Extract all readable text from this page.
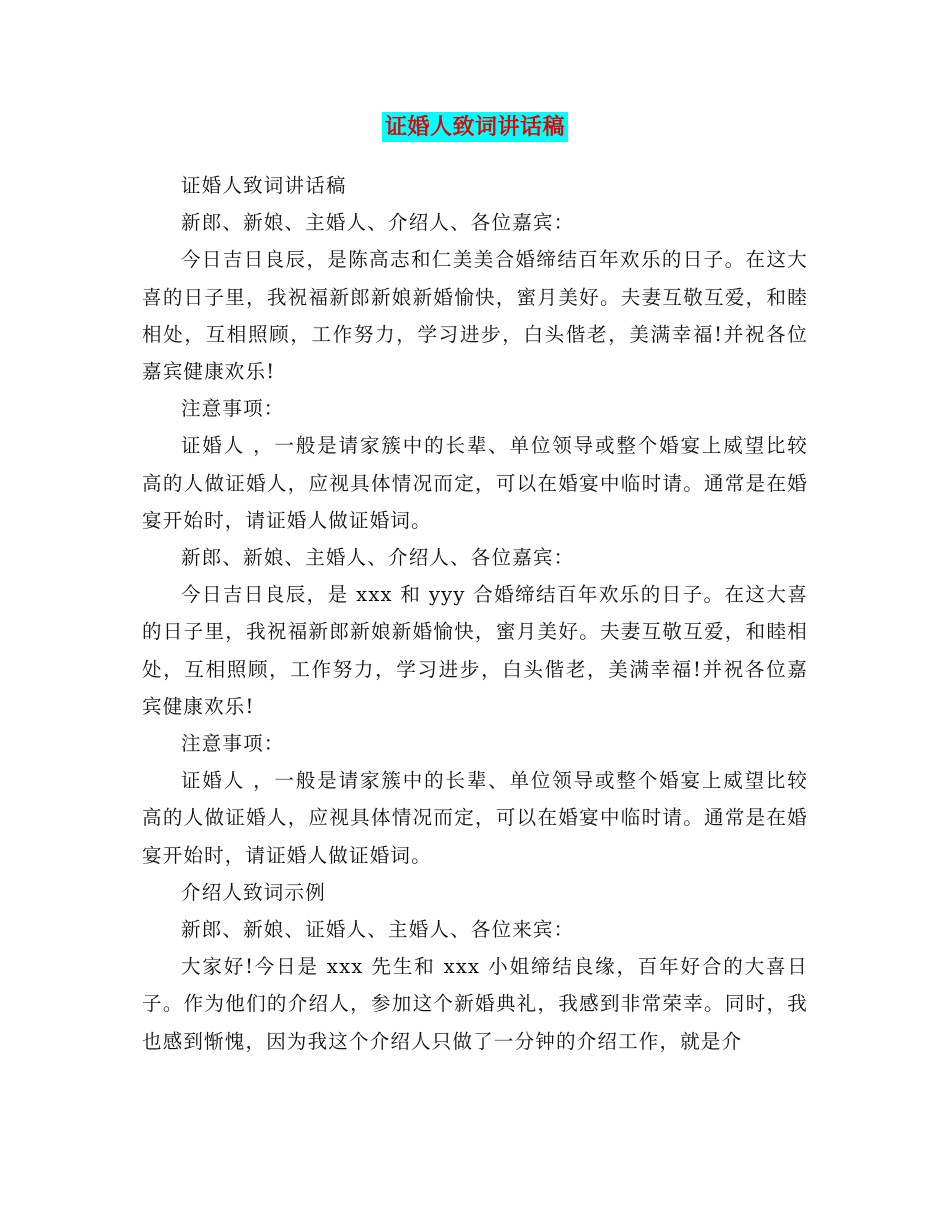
证婚人致词讲话稿

证婚人致词讲话稿

新郎、新娘、主婚人、介绍人、各位嘉宾：

今日吉日良辰，是陈高志和仁美美合婚缔结百年欢乐的日子。在这大喜的日子里，我祝福新郎新娘新婚愉快，蜜月美好。夫妻互敬互爱，和睦相处，互相照顾，工作努力，学习进步，白头偕老，美满幸福!并祝各位嘉宾健康欢乐!

注意事项：

证婚人 ，一般是请家簇中的长辈、单位领导或整个婚宴上威望比较高的人做证婚人，应视具体情况而定，可以在婚宴中临时请。通常是在婚宴开始时，请证婚人做证婚词。

新郎、新娘、主婚人、介绍人、各位嘉宾：

今日吉日良辰，是 xxx 和 yyy 合婚缔结百年欢乐的日子。在这大喜的日子里，我祝福新郎新娘新婚愉快，蜜月美好。夫妻互敬互爱，和睦相处，互相照顾，工作努力，学习进步，白头偕老，美满幸福!并祝各位嘉宾健康欢乐!

注意事项：

证婚人 ，一般是请家簇中的长辈、单位领导或整个婚宴上威望比较高的人做证婚人，应视具体情况而定，可以在婚宴中临时请。通常是在婚宴开始时，请证婚人做证婚词。

介绍人致词示例

新郎、新娘、证婚人、主婚人、各位来宾：

大家好!今日是 xxx 先生和 xxx 小姐缔结良缘，百年好合的大喜日子。作为他们的介绍人，参加这个新婚典礼，我感到非常荣幸。同时，我也感到惭愧，因为我这个介绍人只做了一分钟的介绍工作，就是介
